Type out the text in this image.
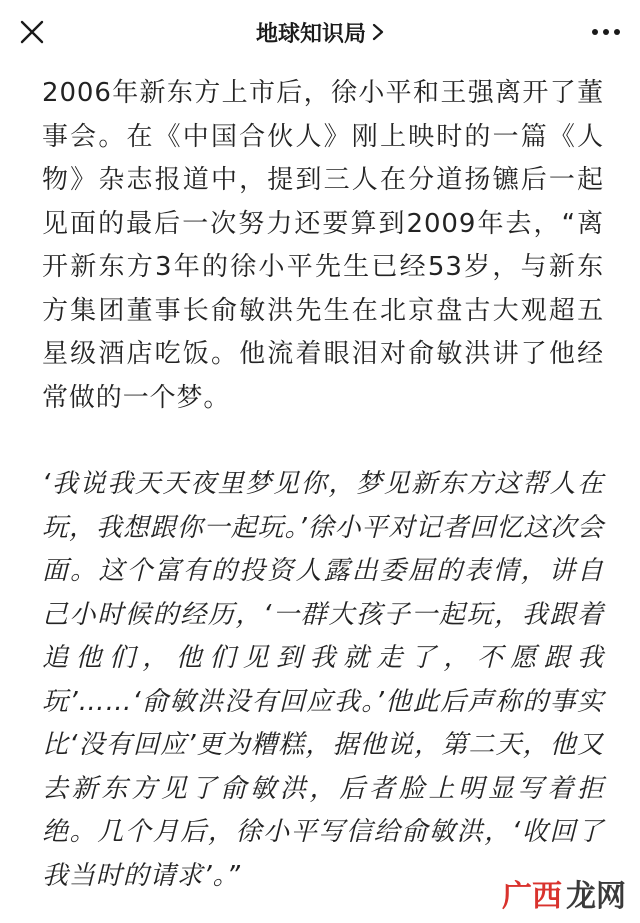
地球知识局

2006年新东方上市后，徐小平和王强离开了董事会。在《中国合伙人》刚上映时的一篇《人物》杂志报道中，提到三人在分道扬镳后一起见面的最后一次努力还要算到2009年去，“离开新东方3年的徐小平先生已经53岁，与新东方集团董事长俞敏洪先生在北京盘古大观超五星级酒店吃饭。他流着眼泪对俞敏洪讲了他经常做的一个梦。

‘我说我天天夜里梦见你，梦见新东方这帮人在玩，我想跟你一起玩。’徐小平对记者回忆这次会面。这个富有的投资人露出委屈的表情，讲自己小时候的经历，‘一群大孩子一起玩，我跟着追他们，他们见到我就走了，不愿跟我玩’……‘俞敏洪没有回应我。’他此后声称的事实比‘没有回应’更为糟糕，据他说，第二天，他又去新东方见了俞敏洪，后者脸上明显写着拒绝。几个月后，徐小平写信给俞敏洪，‘收回了我当时的请求’。”

广西 龙网
